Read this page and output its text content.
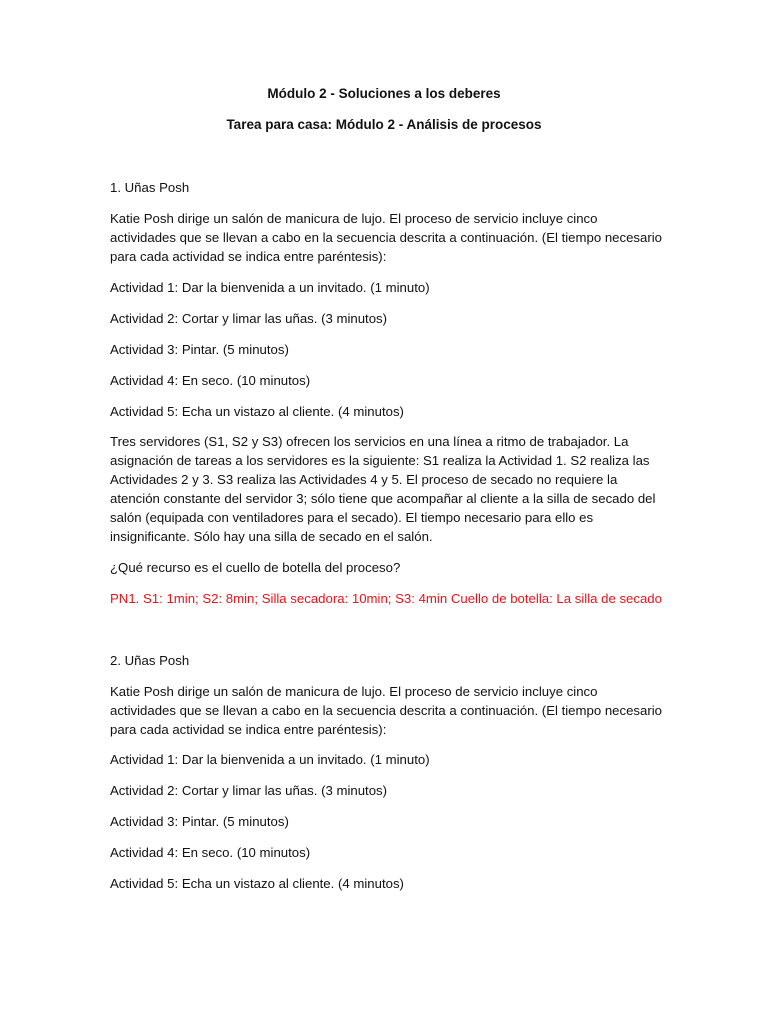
Módulo 2 - Soluciones a los deberes

Tarea para casa: Módulo 2 - Análisis de procesos

1. Uñas Posh

Katie Posh dirige un salón de manicura de lujo. El proceso de servicio incluye cinco actividades que se llevan a cabo en la secuencia descrita a continuación. (El tiempo necesario para cada actividad se indica entre paréntesis):

Actividad 1: Dar la bienvenida a un invitado. (1 minuto)

Actividad 2: Cortar y limar las uñas. (3 minutos)

Actividad 3: Pintar. (5 minutos)

Actividad 4: En seco. (10 minutos)

Actividad 5: Echa un vistazo al cliente. (4 minutos)

Tres servidores (S1, S2 y S3) ofrecen los servicios en una línea a ritmo de trabajador. La asignación de tareas a los servidores es la siguiente: S1 realiza la Actividad 1. S2 realiza las Actividades 2 y 3. S3 realiza las Actividades 4 y 5. El proceso de secado no requiere la atención constante del servidor 3; sólo tiene que acompañar al cliente a la silla de secado del salón (equipada con ventiladores para el secado). El tiempo necesario para ello es insignificante. Sólo hay una silla de secado en el salón.

¿Qué recurso es el cuello de botella del proceso?

PN1. S1: 1min; S2: 8min; Silla secadora: 10min; S3: 4min Cuello de botella: La silla de secado

2. Uñas Posh

Katie Posh dirige un salón de manicura de lujo. El proceso de servicio incluye cinco actividades que se llevan a cabo en la secuencia descrita a continuación. (El tiempo necesario para cada actividad se indica entre paréntesis):

Actividad 1: Dar la bienvenida a un invitado. (1 minuto)

Actividad 2: Cortar y limar las uñas. (3 minutos)

Actividad 3: Pintar. (5 minutos)

Actividad 4: En seco. (10 minutos)

Actividad 5: Echa un vistazo al cliente. (4 minutos)
